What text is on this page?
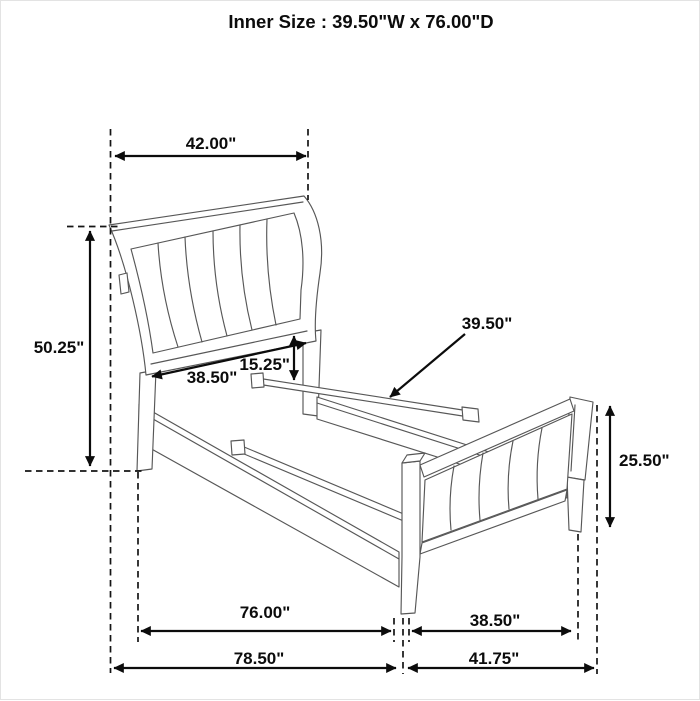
Inner Size : 39.50"W x 76.00"D
42.00"
50.25"
38.50"
15.25"
39.50"
25.50"
76.00"	38.50"
78.50"	41.75"
